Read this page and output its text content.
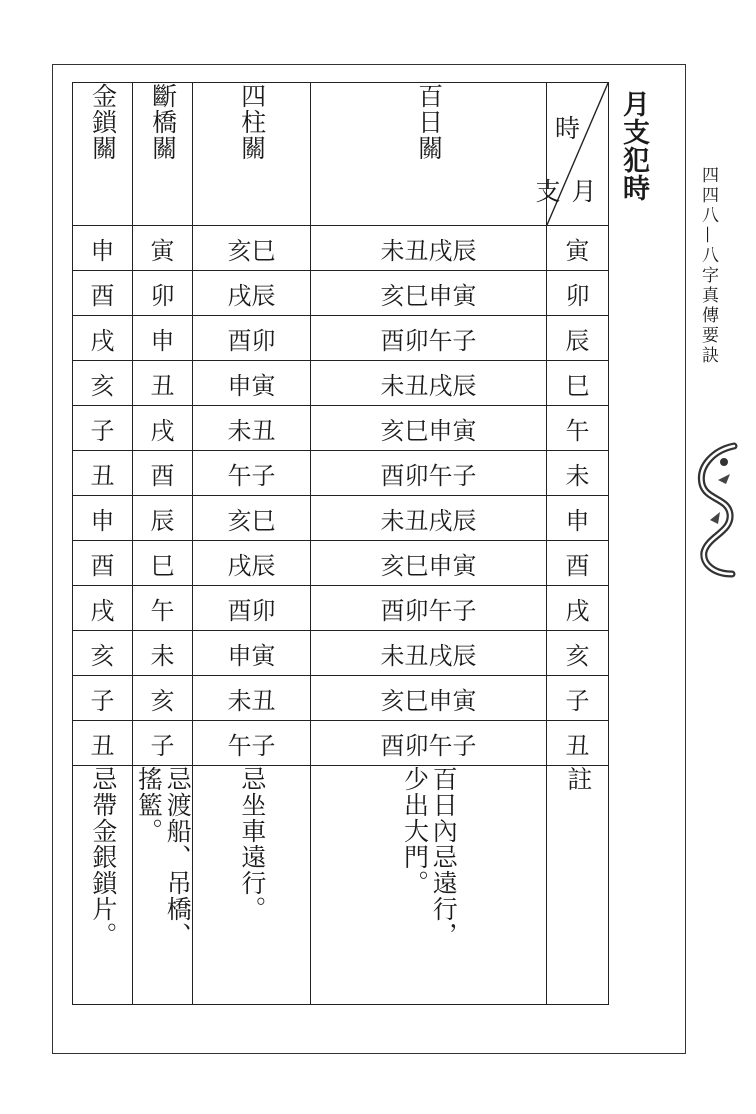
金鎖關	斷橋關	四柱關	百日關	時
月支

申	寅	亥巳	未丑戌辰	寅
酉	卯	戌辰	亥巳申寅	卯
戌	申	酉卯	酉卯午子	辰
亥	丑	申寅	未丑戌辰	巳
子	戌	未丑	亥巳申寅	午
丑	酉	午子	酉卯午子	未
申	辰	亥巳	未丑戌辰	申
酉	巳	戌辰	亥巳申寅	酉
戌	午	酉卯	酉卯午子	戌
亥	未	申寅	未丑戌辰	亥
子	亥	未丑	亥巳申寅	子
丑	子	午子	酉卯午子	丑
忌帶金銀鎖片。	忌渡船、吊橋、搖籃。	忌坐車遠行。	百日內忌遠行，少出大門。	註
月支犯時
四四八—八字真傳要訣
